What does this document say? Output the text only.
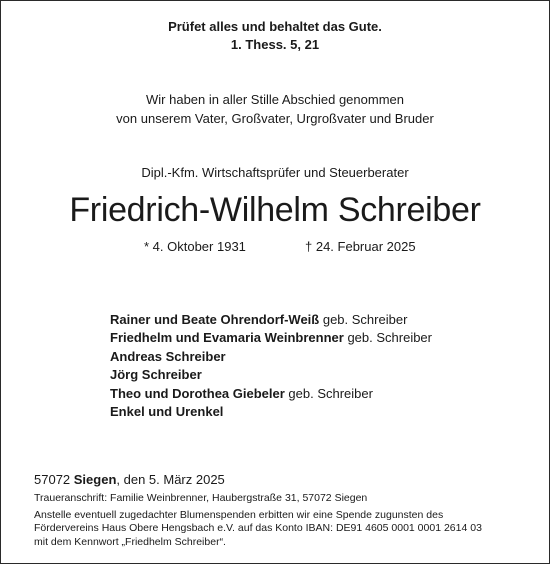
Prüfet alles und behaltet das Gute.
1. Thess. 5, 21
Wir haben in aller Stille Abschied genommen
von unserem Vater, Großvater, Urgroßvater und Bruder
Dipl.-Kfm. Wirtschaftsprüfer und Steuerberater
Friedrich-Wilhelm Schreiber
* 4. Oktober 1931	† 24. Februar 2025
Rainer und Beate Ohrendorf-Weiß geb. Schreiber
Friedhelm und Evamaria Weinbrenner geb. Schreiber
Andreas Schreiber
Jörg Schreiber
Theo und Dorothea Giebeler geb. Schreiber
Enkel und Urenkel
57072 Siegen, den 5. März 2025
Traueranschrift: Familie Weinbrenner, Haubergstraße 31, 57072 Siegen
Anstelle eventuell zugedachter Blumenspenden erbitten wir eine Spende zugunsten des
Fördervereins Haus Obere Hengsbach e.V. auf das Konto IBAN: DE91 4605 0001 0001 2614 03
mit dem Kennwort „Friedhelm Schreiber“.
